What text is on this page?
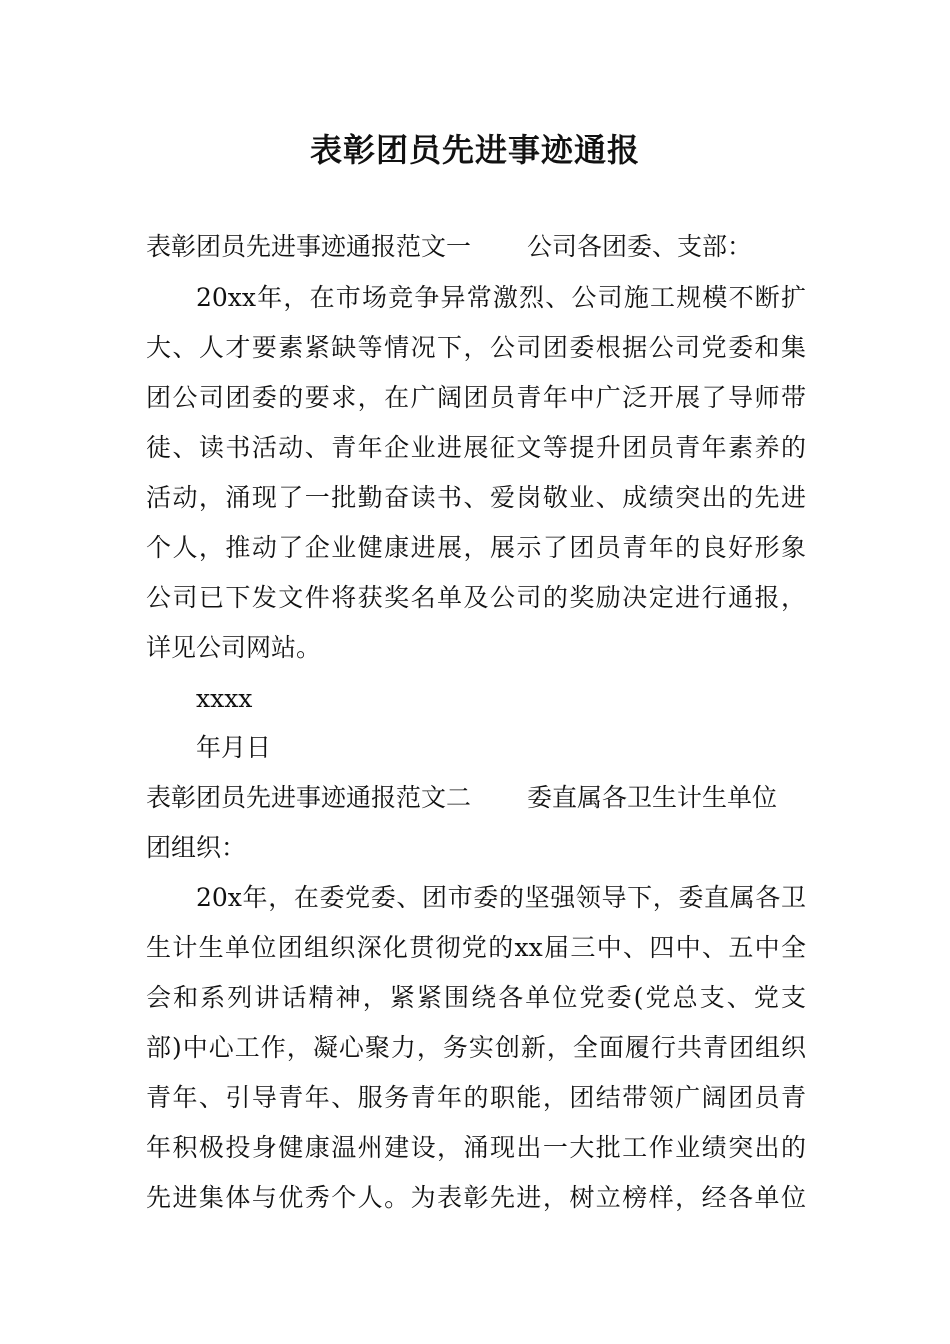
表彰团员先进事迹通报
表彰团员先进事迹通报范文一 公司各团委、支部：
20xx年，在市场竞争异常激烈、公司施工规模不断扩
大、人才要素紧缺等情况下，公司团委根据公司党委和集
团公司团委的要求，在广阔团员青年中广泛开展了导师带
徒、读书活动、青年企业进展征文等提升团员青年素养的
活动，涌现了一批勤奋读书、爱岗敬业、成绩突出的先进
个人，推动了企业健康进展，展示了团员青年的良好形象
公司已下发文件将获奖名单及公司的奖励决定进行通报，
详见公司网站。
xxxx
年月日
表彰团员先进事迹通报范文二 委直属各卫生计生单位
团组织：
20x年，在委党委、团市委的坚强领导下，委直属各卫
生计生单位团组织深化贯彻党的xx届三中、四中、五中全
会和系列讲话精神，紧紧围绕各单位党委(党总支、党支
部)中心工作，凝心聚力，务实创新，全面履行共青团组织
青年、引导青年、服务青年的职能，团结带领广阔团员青
年积极投身健康温州建设，涌现出一大批工作业绩突出的
先进集体与优秀个人。为表彰先进，树立榜样，经各单位
